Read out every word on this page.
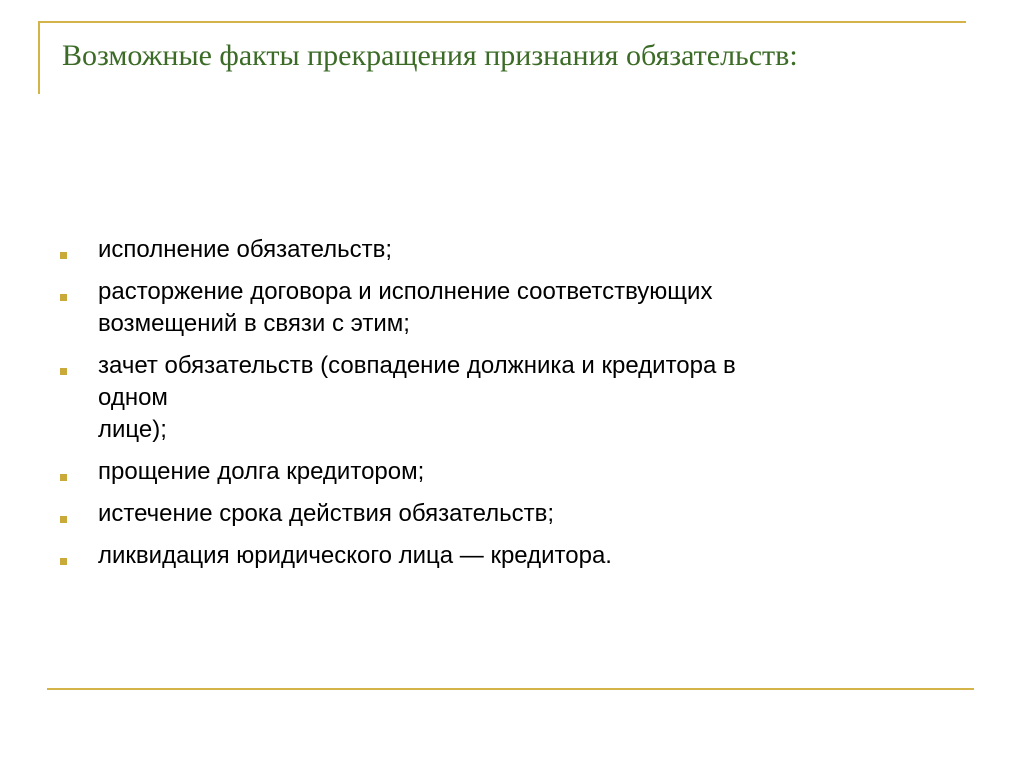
Возможные факты прекращения признания обязательств:
исполнение обязательств;
расторжение договора и исполнение соответствующих
возмещений в связи с этим;
зачет обязательств (совпадение должника и кредитора в
одном
лице);
прощение долга кредитором;
истечение срока действия обязательств;
ликвидация юридического лица — кредитора.
